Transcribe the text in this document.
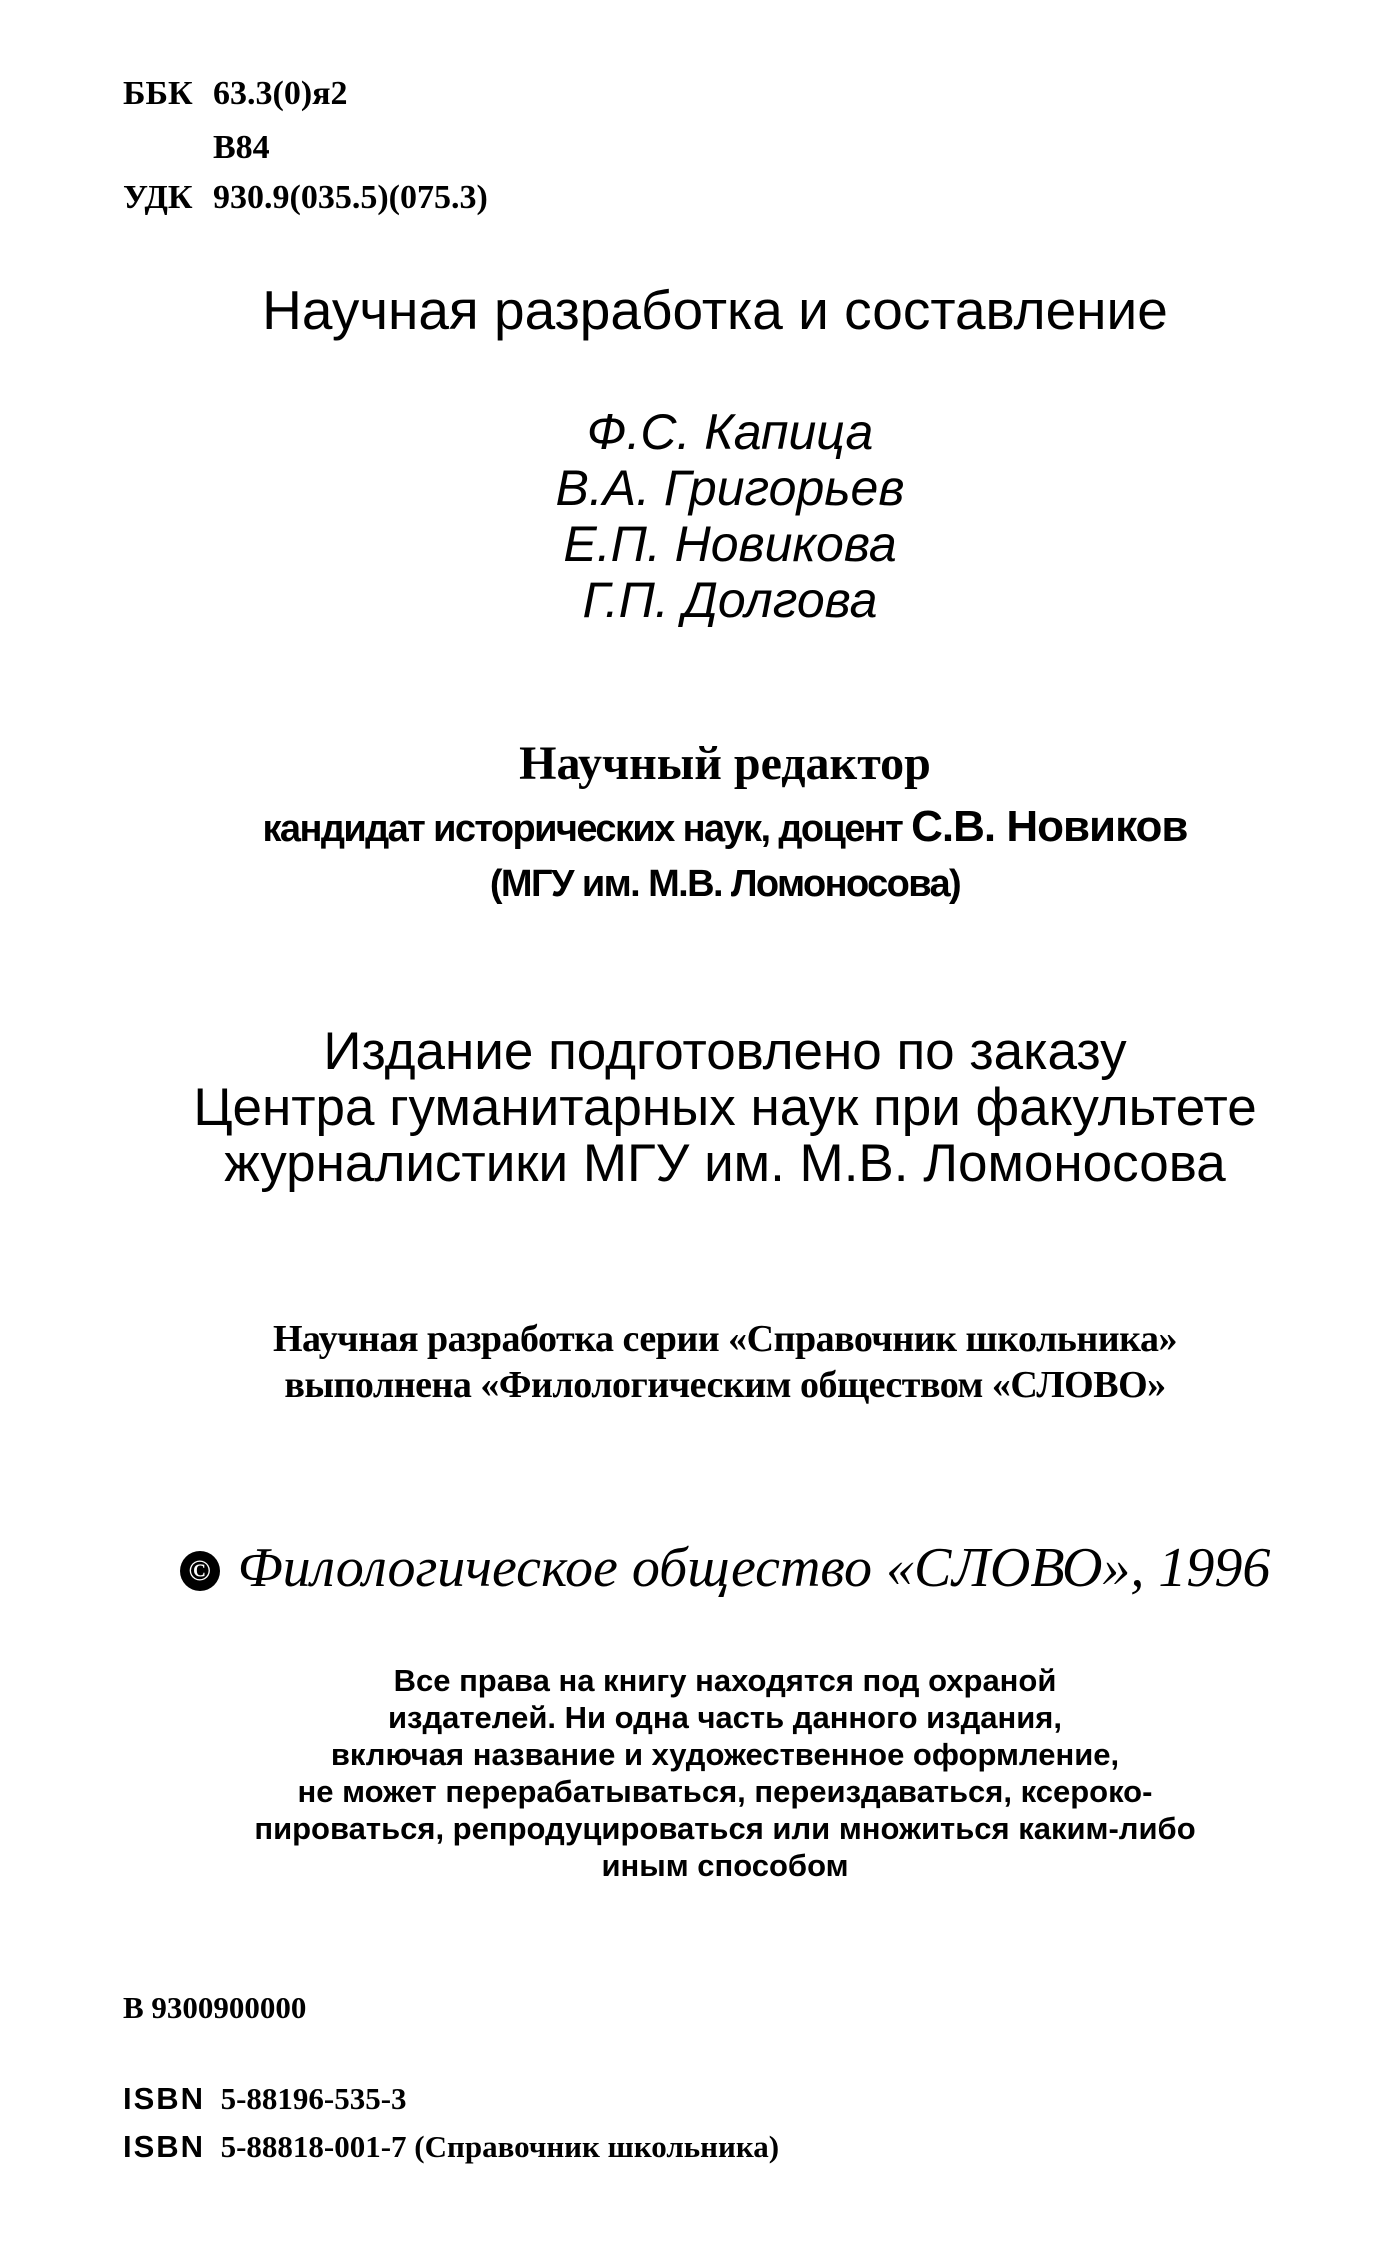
ББК 63.3(0)я2
В84
УДК 930.9(035.5)(075.3)
Научная разработка и составление
Ф.С. Капица
В.А. Григорьев
Е.П. Новикова
Г.П. Долгова
Научный редактор
кандидат исторических наук, доцент С.В. Новиков
(МГУ им. М.В. Ломоносова)
Издание подготовлено по заказу
Центра гуманитарных наук при факультете
журналистики МГУ им. М.В. Ломоносова
Научная разработка серии «Справочник школьника»
выполнена «Филологическим обществом «СЛОВО»
© Филологическое общество «СЛОВО», 1996
Все права на книгу находятся под охраной
издателей. Ни одна часть данного издания,
включая название и художественное оформление,
не может перерабатываться, переиздаваться, ксероко-
пироваться, репродуцироваться или множиться каким-либо
иным способом
В 9300900000
ISBN 5-88196-535-3
ISBN 5-88818-001-7 (Справочник школьника)
